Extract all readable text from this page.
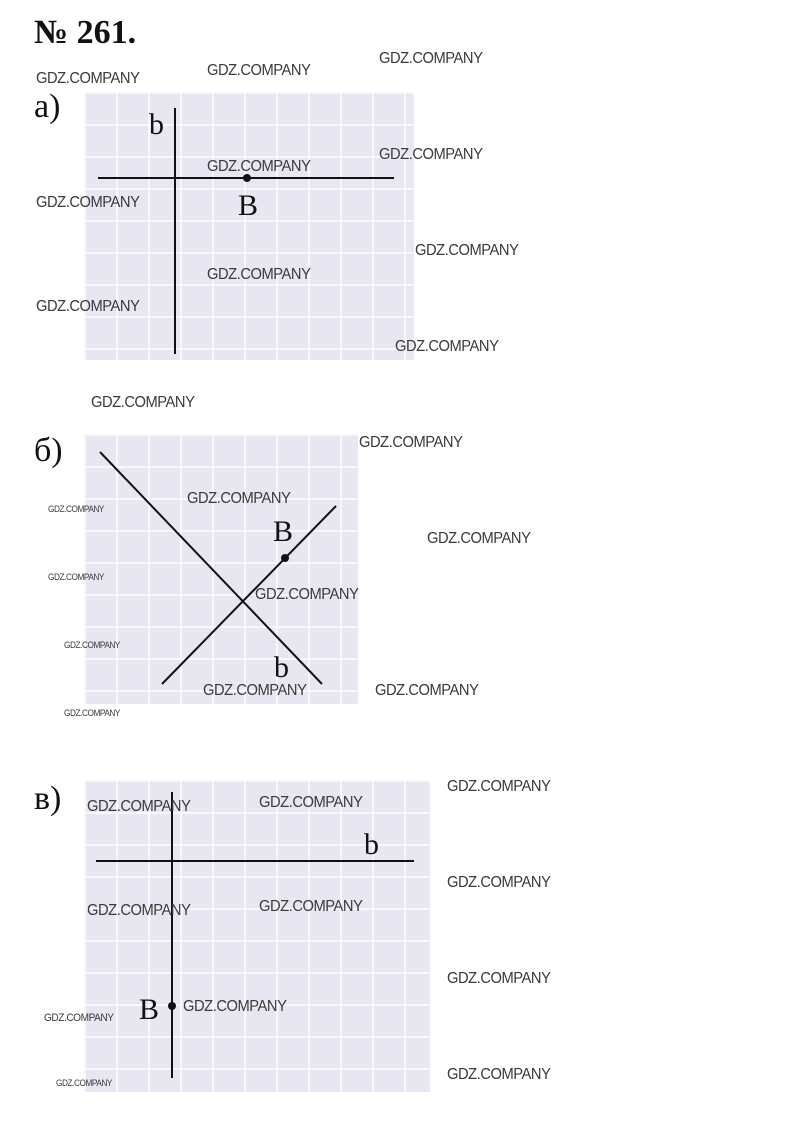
№ 261.
а)
б)
в)
b
B
B
b
b
B
GDZ.COMPANY	GDZ.COMPANY
GDZ.COMPANY
GDZ.COMPANY
GDZ.COMPANY
GDZ.COMPANY
GDZ.COMPANY
GDZ.COMPANY
GDZ.COMPANY
GDZ.COMPANY
GDZ.COMPANY
GDZ.COMPANY
GDZ.COMPANY
GDZ.COMPANY
GDZ.COMPANY
GDZ.COMPANY
GDZ.COMPANY
GDZ.COMPANY
GDZ.COMPANY	GDZ.COMPANY
GDZ.COMPANY
GDZ.COMPANY
GDZ.COMPANY	GDZ.COMPANY
GDZ.COMPANY
GDZ.COMPANY	GDZ.COMPANY
GDZ.COMPANY
GDZ.COMPANY
GDZ.COMPANY
GDZ.COMPANY
GDZ.COMPANY
